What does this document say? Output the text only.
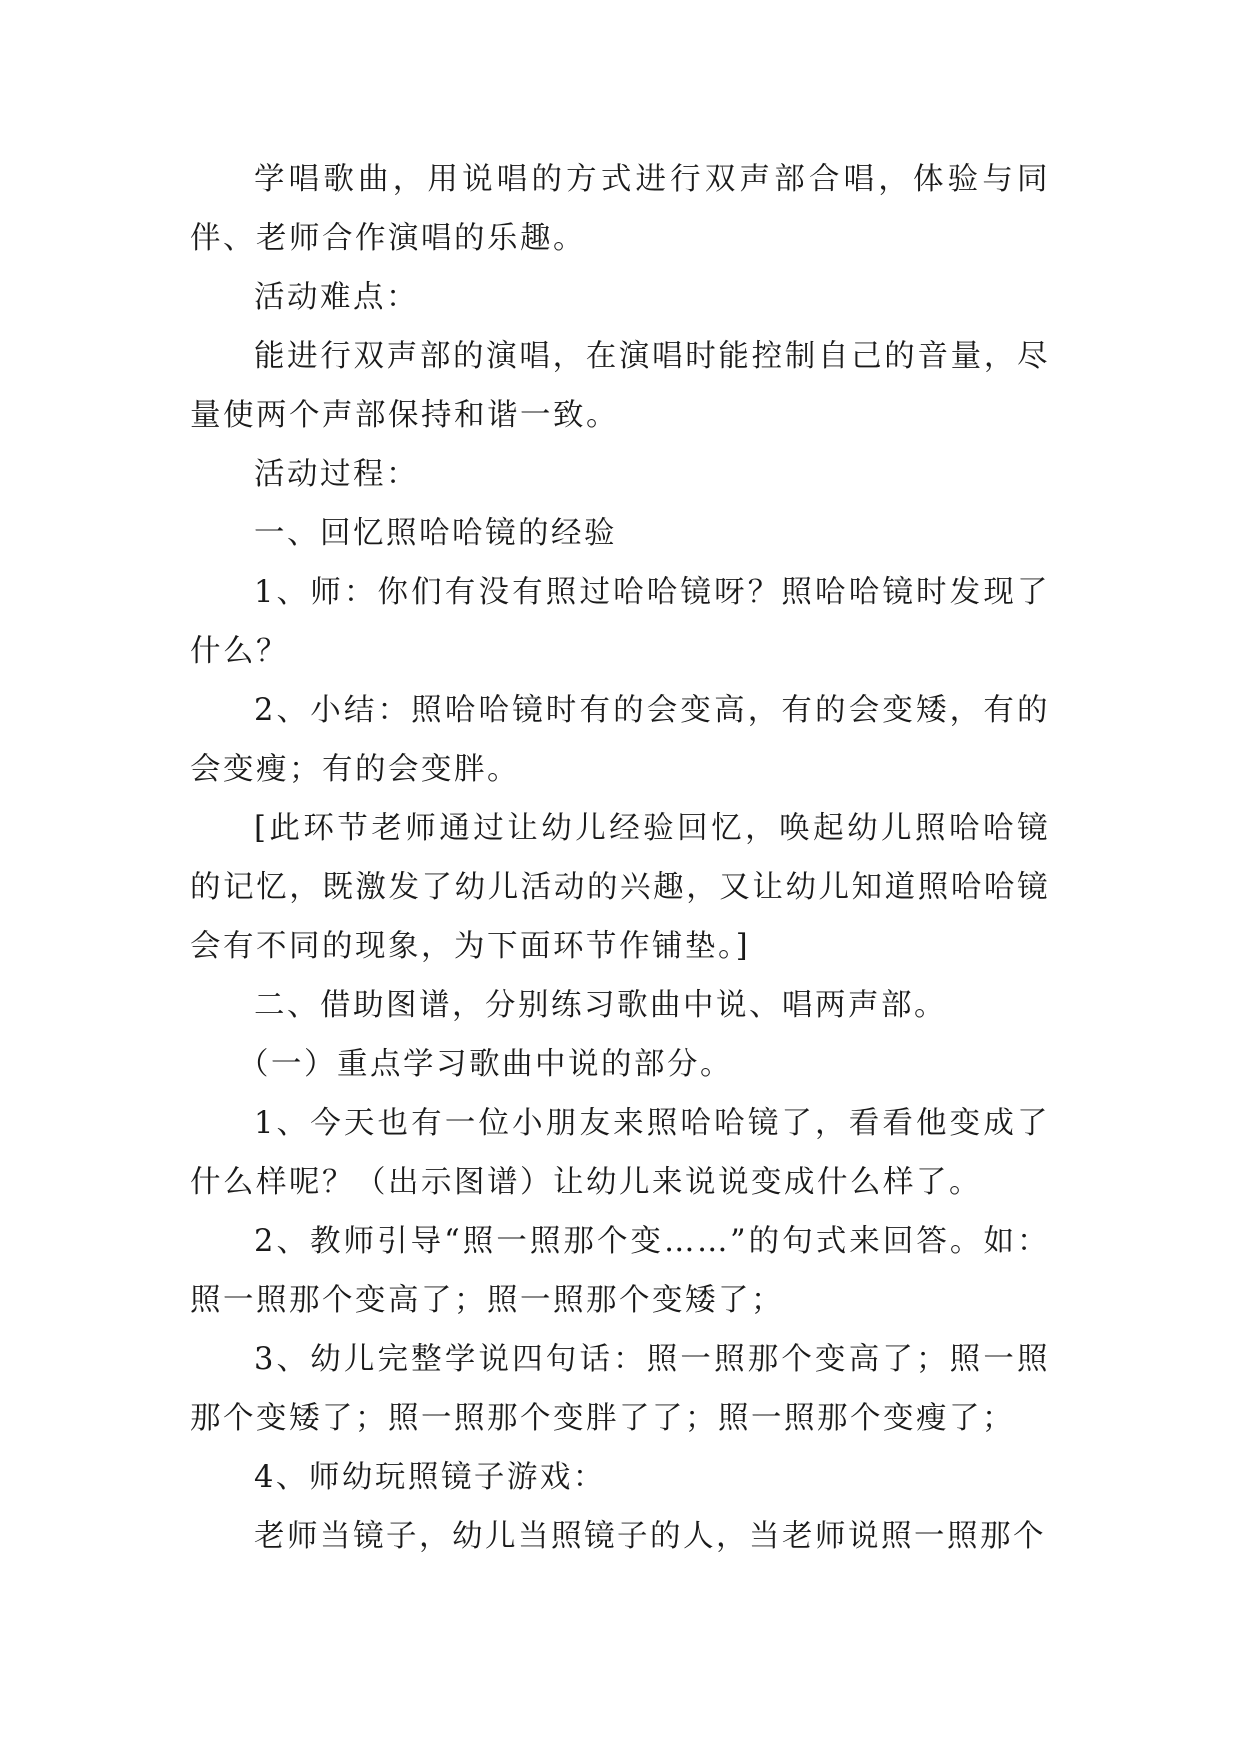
学唱歌曲，用说唱的方式进行双声部合唱，体验与同伴、老师合作演唱的乐趣。

活动难点：

能进行双声部的演唱，在演唱时能控制自己的音量，尽量使两个声部保持和谐一致。

活动过程：

一、回忆照哈哈镜的经验

1、师：你们有没有照过哈哈镜呀？照哈哈镜时发现了什么？

2、小结：照哈哈镜时有的会变高，有的会变矮，有的会变瘦；有的会变胖。

[此环节老师通过让幼儿经验回忆，唤起幼儿照哈哈镜的记忆，既激发了幼儿活动的兴趣，又让幼儿知道照哈哈镜会有不同的现象，为下面环节作铺垫。]

二、借助图谱，分别练习歌曲中说、唱两声部。

（一）重点学习歌曲中说的部分。

1、今天也有一位小朋友来照哈哈镜了，看看他变成了什么样呢？（出示图谱）让幼儿来说说变成什么样了。

2、教师引导“照一照那个变……”的句式来回答。如：照一照那个变高了；照一照那个变矮了；

3、幼儿完整学说四句话：照一照那个变高了；照一照那个变矮了；照一照那个变胖了了；照一照那个变瘦了；

4、师幼玩照镜子游戏：

老师当镜子，幼儿当照镜子的人，当老师说照一照那个
